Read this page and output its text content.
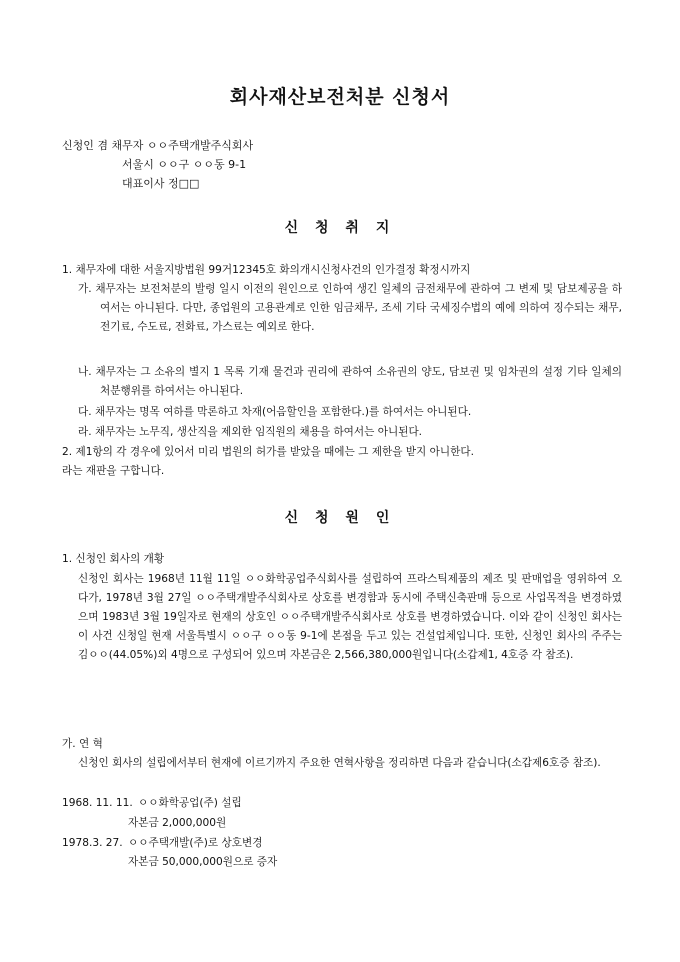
회사재산보전처분 신청서
신청인 겸 채무자 ㅇㅇ주택개발주식회사
서울시 ㅇㅇ구 ㅇㅇ동 9-1
대표이사 정□□
신 청 취 지
1. 채무자에 대한 서울지방법원 99거12345호 화의개시신청사건의 인가결정 확정시까지
가. 채무자는 보전처분의 발령 일시 이전의 원인으로 인하여 생긴 일체의 금전채무에 관하여 그 변제 및 담보제공을 하여서는 아니된다. 다만, 종업원의 고용관계로 인한 임금채무, 조세 기타 국세징수법의 예에 의하여 징수되는 채무, 전기료, 수도료, 전화료, 가스료는 예외로 한다.
나. 채무자는 그 소유의 별지 1 목록 기재 물건과 권리에 관하여 소유권의 양도, 담보권 및 임차권의 설정 기타 일체의 처분행위를 하여서는 아니된다.
다. 채무자는 명목 여하를 막론하고 차재(어음할인을 포함한다.)를 하여서는 아니된다.
라. 채무자는 노무직, 생산직을 제외한 임직원의 채용을 하여서는 아니된다.
2. 제1항의 각 경우에 있어서 미리 법원의 허가를 받았을 때에는 그 제한을 받지 아니한다.
라는 재판을 구합니다.
신 청 원 인
1. 신청인 회사의 개황
신청인 회사는 1968년 11월 11일 ㅇㅇ화학공업주식회사를 설립하여 프라스틱제품의 제조 및 판매업을 영위하여 오다가, 1978년 3월 27일 ㅇㅇ주택개발주식회사로 상호를 변경함과 동시에 주택신축판매 등으로 사업목적을 변경하였으며 1983년 3월 19일자로 현재의 상호인 ㅇㅇ주택개발주식회사로 상호를 변경하였습니다. 이와 같이 신청인 회사는 이 사건 신청일 현재 서울특별시 ㅇㅇ구 ㅇㅇ동 9-1에 본점을 두고 있는 건설업체입니다. 또한, 신청인 회사의 주주는 김ㅇㅇ(44.05%)외 4명으로 구성되어 있으며 자본금은 2,566,380,000원입니다(소갑제1, 4호증 각 참조).
가. 연 혁
신청인 회사의 설립에서부터 현재에 이르기까지 주요한 연혁사항을 정리하면 다음과 같습니다(소갑제6호증 참조).
1968. 11. 11. ㅇㅇ화학공업(주) 설립
자본금 2,000,000원
1978.3. 27. ㅇㅇ주택개발(주)로 상호변경
자본금 50,000,000원으로 증자
